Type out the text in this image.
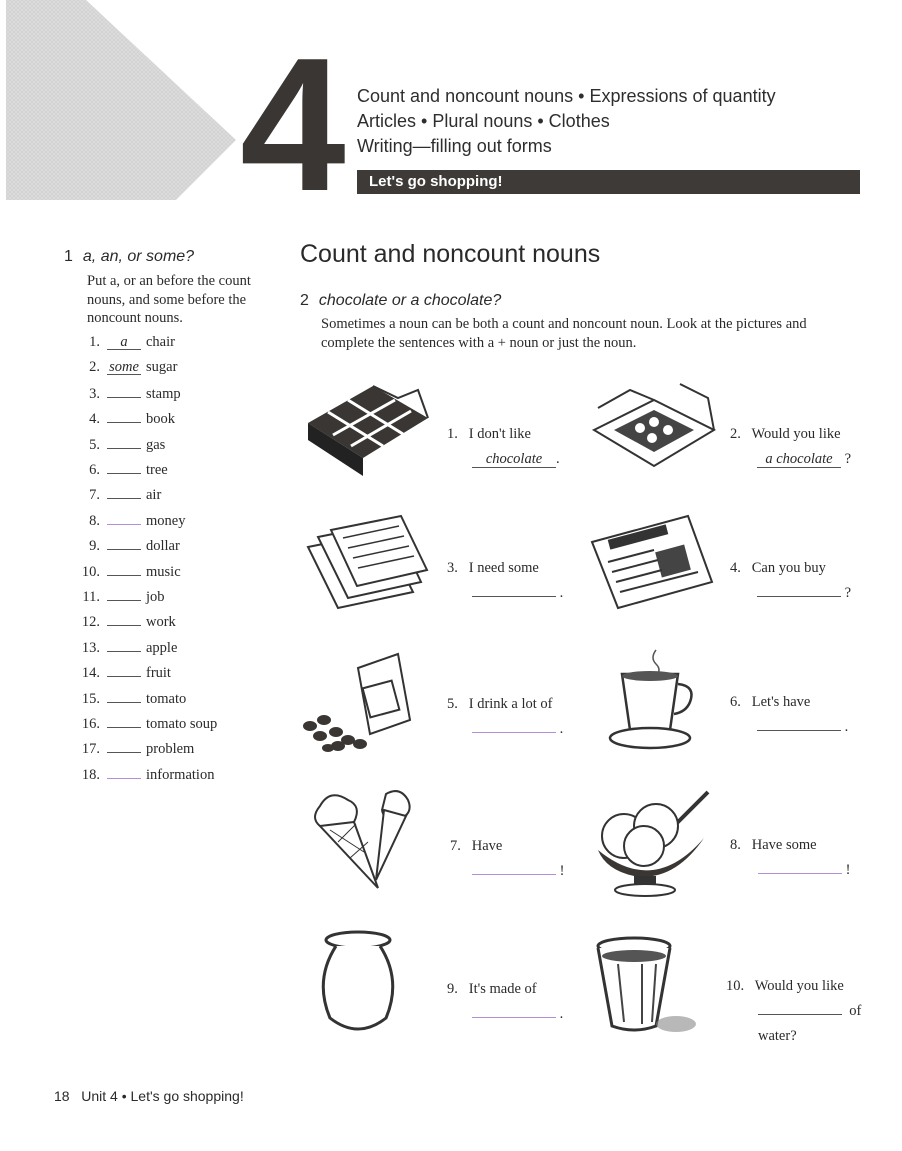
4 Count and noncount nouns • Expressions of quantity
Articles • Plural nouns • Clothes
Writing—filling out forms
Let's go shopping!
1 a, an, or some?
Put a, or an before the count nouns, and some before the noncount nouns.
1. a chair
2. some sugar
3.	stamp
4.	book
5.	gas
6.	tree
7.	air
8.	money
9.	dollar
10.	music
11.	job
12.	work
13.	apple
14.	fruit
15.	tomato
16.	tomato soup
17.	problem
18.	information
Count and noncount nouns
2 chocolate or a chocolate?
Sometimes a noun can be both a count and noncount noun. Look at the pictures and complete the sentences with a + noun or just the noun.
1. I don't like
chocolate .
2. Would you like
a chocolate ?
3. I need some
.
4. Can you buy
?
5. I drink a lot of
.
6. Let's have
.
7. Have
!
8. Have some
!
9. It's made of
.
10. Would you like
of
water?
18 Unit 4 • Let's go shopping!
